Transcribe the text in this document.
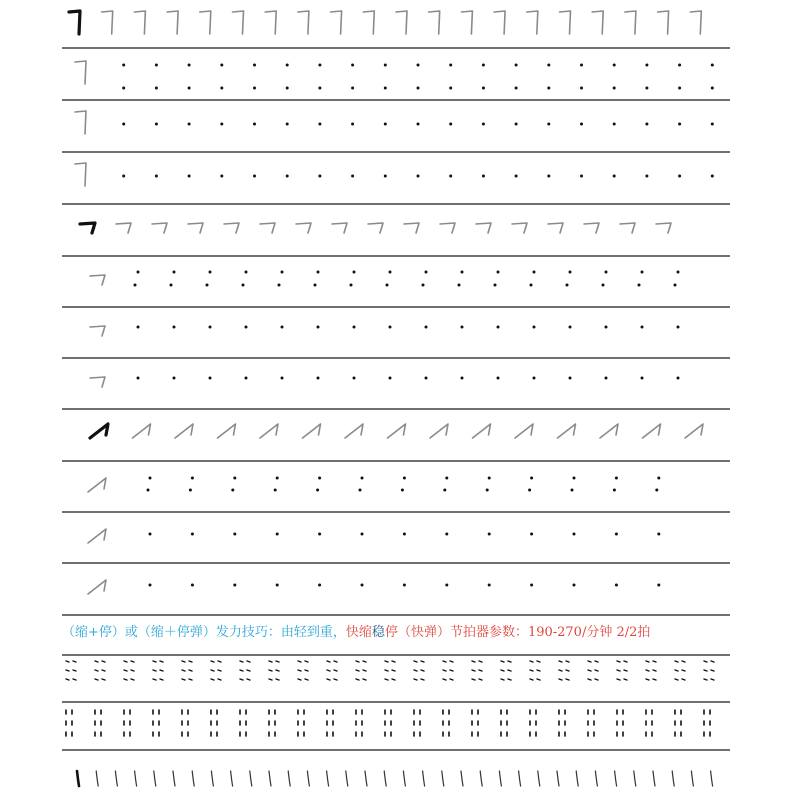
（缩+停）或（缩＋停弹）发力技巧：由轻到重，快缩稳停（快弹）节拍器参数：190-270/分钟 2/2拍
